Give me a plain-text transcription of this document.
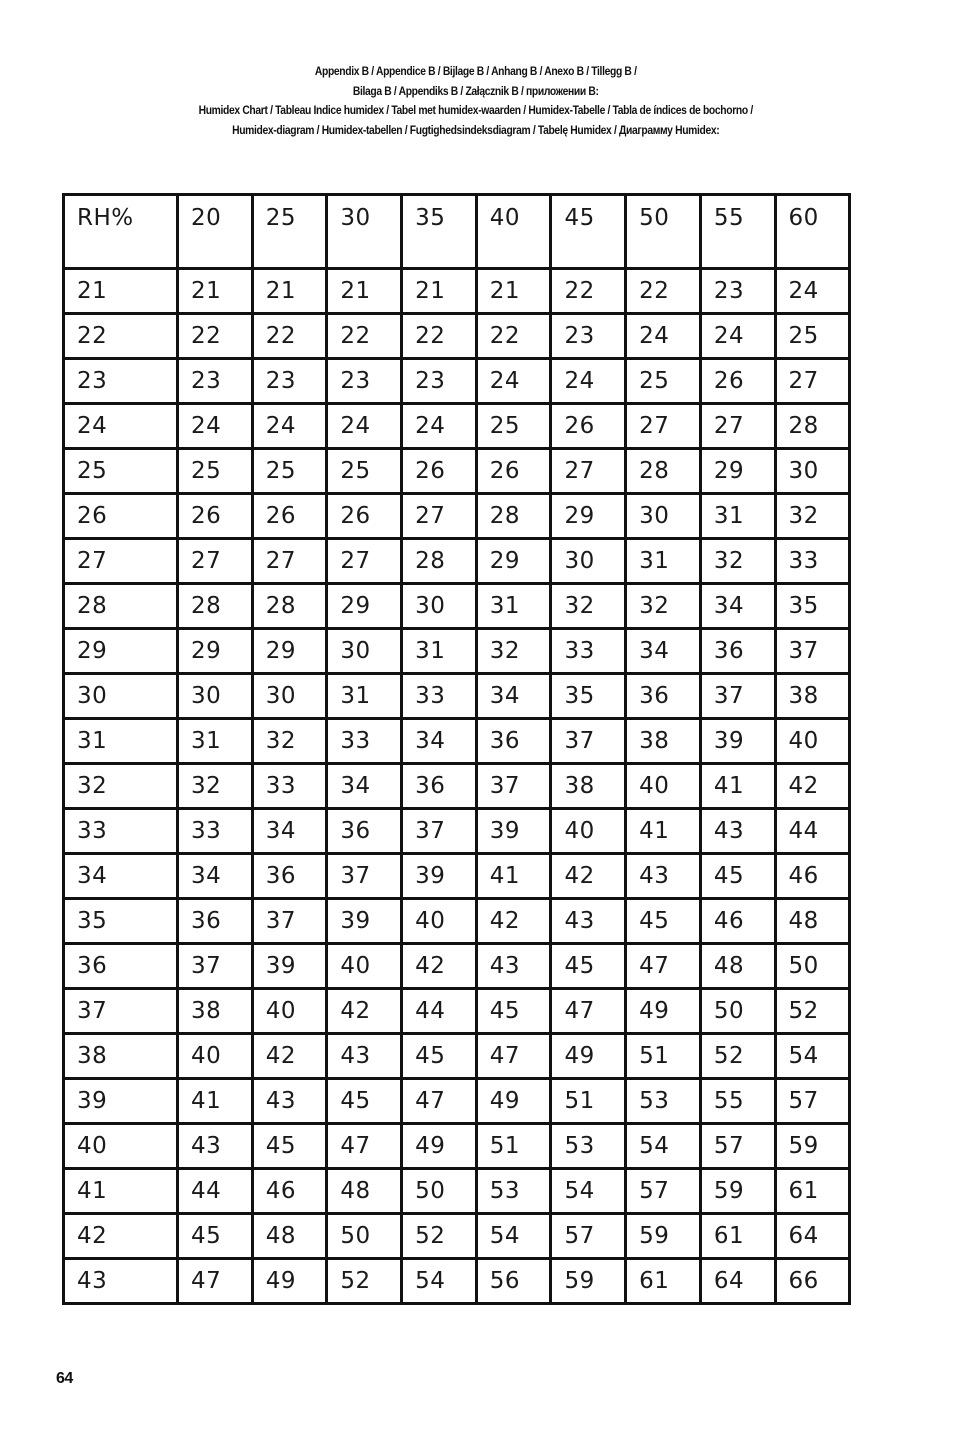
Appendix B / Appendice B / Bijlage B / Anhang B / Anexo B / Tillegg B /
Bilaga B / Appendiks B / Załącznik B / приложении B:
Humidex Chart / Tableau Indice humidex / Tabel met humidex-waarden / Humidex-Tabelle / Tabla de índices de bochorno /
Humidex-diagram / Humidex-tabellen / Fugtighedsindeksdiagram / Tabelę Humidex / Диаграмму Humidex:
RH%	20	25	30	35	40	45	50	55	60
21	21	21	21	21	21	22	22	23	24
22	22	22	22	22	22	23	24	24	25
23	23	23	23	23	24	24	25	26	27
24	24	24	24	24	25	26	27	27	28
25	25	25	25	26	26	27	28	29	30
26	26	26	26	27	28	29	30	31	32
27	27	27	27	28	29	30	31	32	33
28	28	28	29	30	31	32	32	34	35
29	29	29	30	31	32	33	34	36	37
30	30	30	31	33	34	35	36	37	38
31	31	32	33	34	36	37	38	39	40
32	32	33	34	36	37	38	40	41	42
33	33	34	36	37	39	40	41	43	44
34	34	36	37	39	41	42	43	45	46
35	36	37	39	40	42	43	45	46	48
36	37	39	40	42	43	45	47	48	50
37	38	40	42	44	45	47	49	50	52
38	40	42	43	45	47	49	51	52	54
39	41	43	45	47	49	51	53	55	57
40	43	45	47	49	51	53	54	57	59
41	44	46	48	50	53	54	57	59	61
42	45	48	50	52	54	57	59	61	64
43	47	49	52	54	56	59	61	64	66
64
